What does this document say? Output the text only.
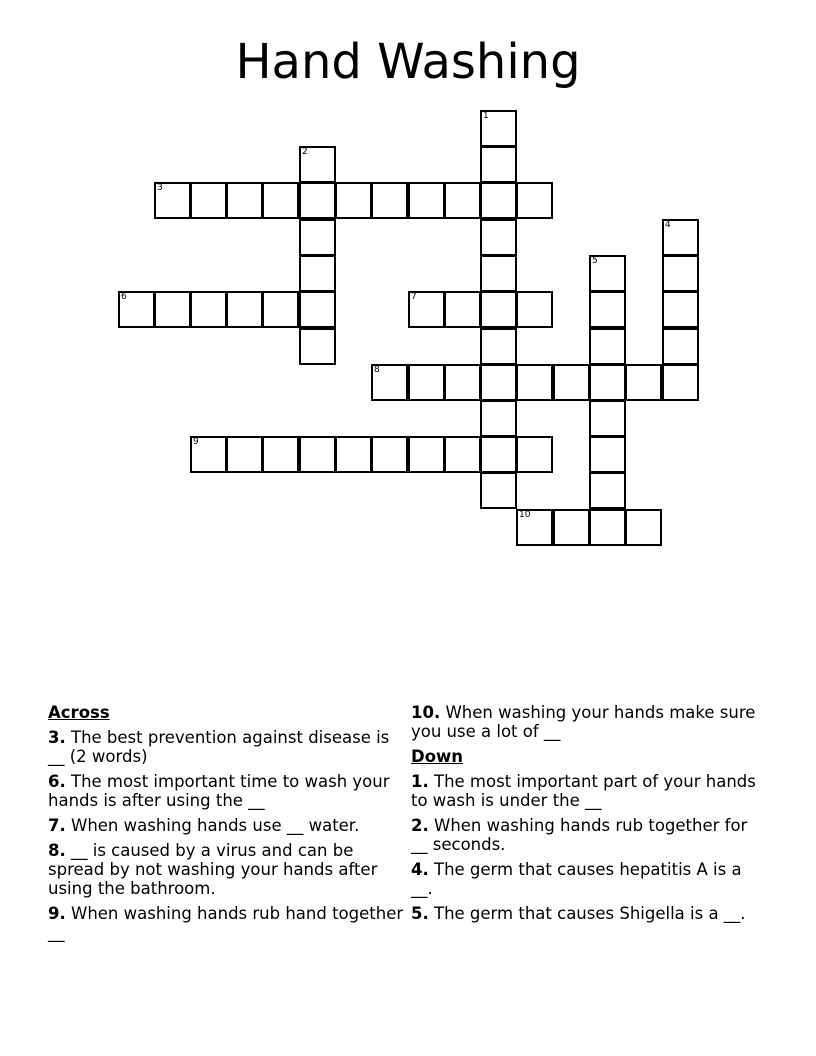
Hand Washing
1
2
3
4
5
6	7
8
9
10
Across
3. The best prevention against disease is __ (2 words)
6. The most important time to wash your hands is after using the __
7. When washing hands use __ water.
8. __ is caused by a virus and can be spread by not washing your hands after using the bathroom.
9. When washing hands rub hand together __
10. When washing your hands make sure you use a lot of __
Down
1. The most important part of your hands to wash is under the __
2. When washing hands rub together for __ seconds.
4. The germ that causes hepatitis A is a __.
5. The germ that causes Shigella is a __.
